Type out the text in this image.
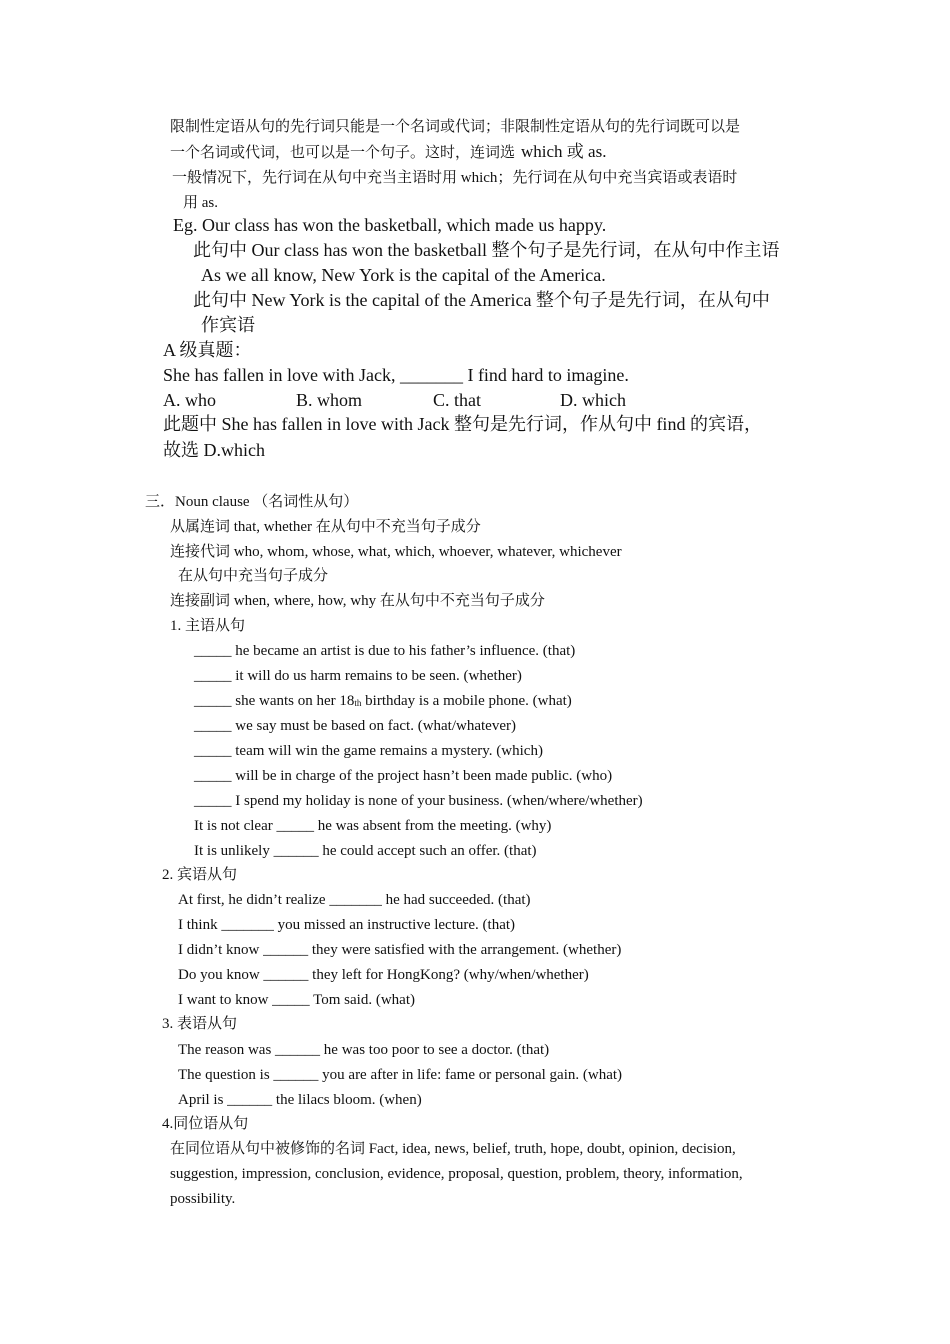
限制性定语从句的先行词只能是一个名词或代词；非限制性定语从句的先行词既可以是
一个名词或代词，也可以是一个句子。这时，连词选 which 或 as.
一般情况下，先行词在从句中充当主语时用 which；先行词在从句中充当宾语或表语时
用 as.
Eg. Our class has won the basketball, which made us happy.
此句中 Our class has won the basketball 整个句子是先行词，在从句中作主语
As we all know, New York is the capital of the America.
此句中 New York is the capital of the America 整个句子是先行词，在从句中
作宾语
A 级真题：
She has fallen in love with Jack, _______ I find hard to imagine.
A. who	B. whom	C. that	D. which
此题中 She has fallen in love with Jack 整句是先行词，作从句中 find 的宾语，
故选 D.which
三．Noun clause （名词性从句）
从属连词 that, whether 在从句中不充当句子成分
连接代词 who, whom, whose, what, which, whoever, whatever, whichever
在从句中充当句子成分
连接副词 when, where, how, why 在从句中不充当句子成分
1. 主语从句
_____ he became an artist is due to his father’s influence. (that)
_____ it will do us harm remains to be seen. (whether)
_____ she wants on her $18_{th}$ birthday is a mobile phone. (what)
_____ we say must be based on fact. (what/whatever)
_____ team will win the game remains a mystery. (which)
_____ will be in charge of the project hasn’t been made public. (who)
_____ I spend my holiday is none of your business. (when/where/whether)
It is not clear _____ he was absent from the meeting. (why)
It is unlikely ______ he could accept such an offer. (that)
2. 宾语从句
At first, he didn’t realize _______ he had succeeded. (that)
I think _______ you missed an instructive lecture. (that)
I didn’t know ______ they were satisfied with the arrangement. (whether)
Do you know ______ they left for HongKong? (why/when/whether)
I want to know _____ Tom said. (what)
3. 表语从句
The reason was ______ he was too poor to see a doctor. (that)
The question is ______ you are after in life: fame or personal gain. (what)
April is ______ the lilacs bloom. (when)
4.同位语从句
在同位语从句中被修饰的名词 Fact, idea, news, belief, truth, hope, doubt, opinion, decision,
suggestion, impression, conclusion, evidence, proposal, question, problem, theory, information,
possibility.
